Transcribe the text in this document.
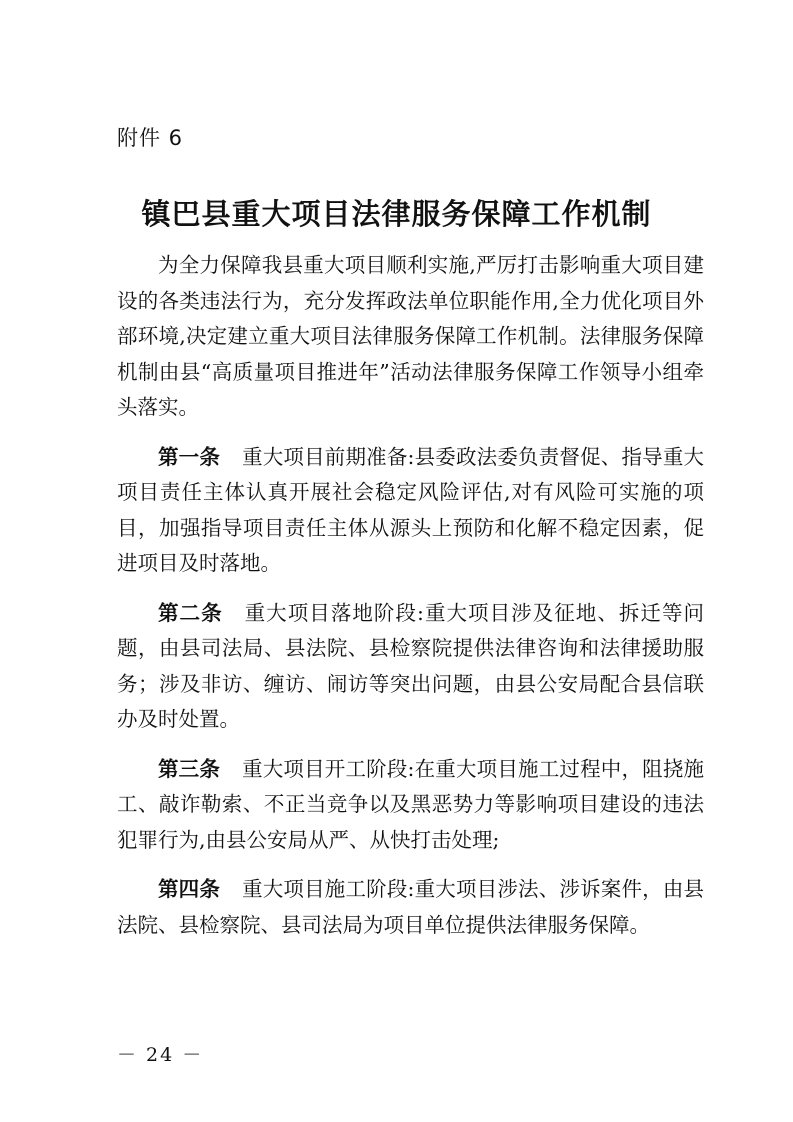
附件 6
镇巴县重大项目法律服务保障工作机制

为全力保障我县重大项目顺利实施,严厉打击影响重大项目建设的各类违法行为，充分发挥政法单位职能作用,全力优化项目外部环境,决定建立重大项目法律服务保障工作机制。法律服务保障机制由县“高质量项目推进年”活动法律服务保障工作领导小组牵头落实。

第一条 重大项目前期准备:县委政法委负责督促、指导重大项目责任主体认真开展社会稳定风险评估,对有风险可实施的项目，加强指导项目责任主体从源头上预防和化解不稳定因素，促进项目及时落地。

第二条 重大项目落地阶段:重大项目涉及征地、拆迁等问题，由县司法局、县法院、县检察院提供法律咨询和法律援助服务；涉及非访、缠访、闹访等突出问题，由县公安局配合县信联办及时处置。

第三条 重大项目开工阶段:在重大项目施工过程中，阻挠施工、敲诈勒索、不正当竞争以及黑恶势力等影响项目建设的违法犯罪行为,由县公安局从严、从快打击处理;

第四条 重大项目施工阶段:重大项目涉法、涉诉案件，由县法院、县检察院、县司法局为项目单位提供法律服务保障。

－ 24 －
